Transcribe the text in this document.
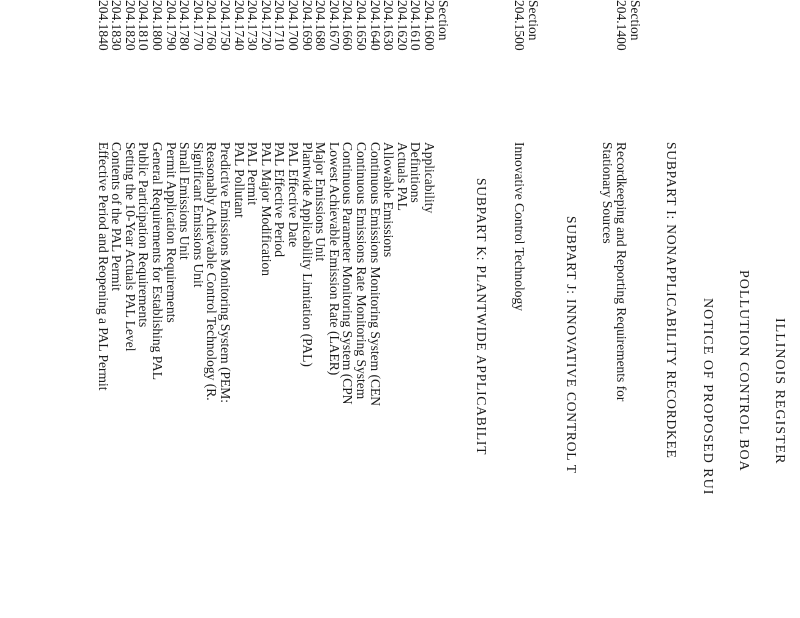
ILLINOIS REGISTER
POLLUTION CONTROL BOA
NOTICE OF PROPOSED RUI
SUBPART I: NONAPPLICABILITY RECORDKEE
Section
204.1400
Recordkeeping and Reporting Requirements for
Stationary Sources
SUBPART J: INNOVATIVE CONTROL T
Section
204.1500
Innovative Control Technology
SUBPART K: PLANTWIDE APPLICABILIT
Section
204.1600
Applicability
204.1610
Definitions
204.1620
Actuals PAL
204.1630
Allowable Emissions
204.1640
Continuous Emissions Monitoring System (CEN
204.1650
Continuous Emissions Rate Monitoring System
204.1660
Continuous Parameter Monitoring System (CPN
204.1670
Lowest Achievable Emission Rate (LAER)
204.1680
Major Emissions Unit
204.1690
Plantwide Applicability Limitation (PAL)
204.1700
PAL Effective Date
204.1710
PAL Effective Period
204.1720
PAL Major Modification
204.1730
PAL Permit
204.1740
PAL Pollutant
204.1750
Predictive Emissions Monitoring System (PEM:
204.1760
Reasonably Achievable Control Technology (R.
204.1770
Significant Emissions Unit
204.1780
Small Emissions Unit
204.1790
Permit Application Requirements
204.1800
General Requirements for Establishing PAL
204.1810
Public Participation Requirements
204.1820
Setting the 10-Year Actuals PAL Level
204.1830
Contents of the PAL Permit
204.1840
Effective Period and Reopening a PAL Permit
